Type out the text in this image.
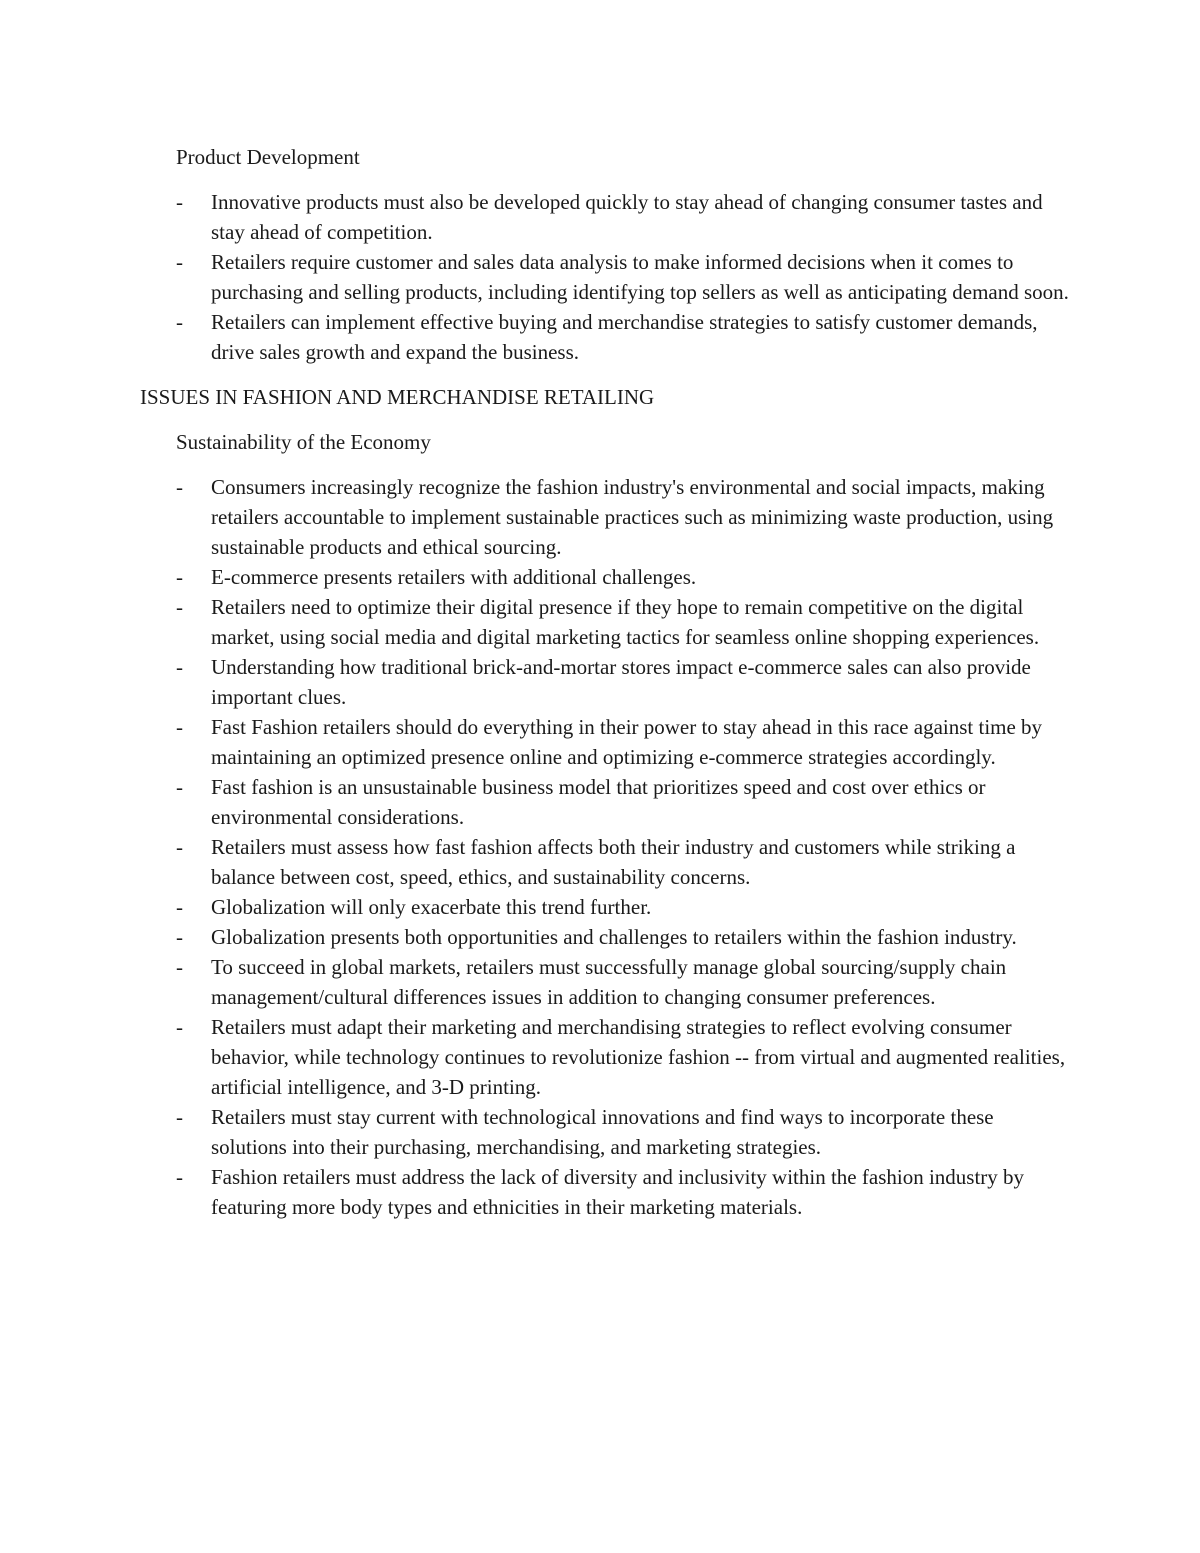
Product Development
- Innovative products must also be developed quickly to stay ahead of changing consumer tastes and stay ahead of competition.
- Retailers require customer and sales data analysis to make informed decisions when it comes to purchasing and selling products, including identifying top sellers as well as anticipating demand soon.
- Retailers can implement effective buying and merchandise strategies to satisfy customer demands, drive sales growth and expand the business.
ISSUES IN FASHION AND MERCHANDISE RETAILING
Sustainability of the Economy
- Consumers increasingly recognize the fashion industry's environmental and social impacts, making retailers accountable to implement sustainable practices such as minimizing waste production, using sustainable products and ethical sourcing.
- E-commerce presents retailers with additional challenges.
- Retailers need to optimize their digital presence if they hope to remain competitive on the digital market, using social media and digital marketing tactics for seamless online shopping experiences.
- Understanding how traditional brick-and-mortar stores impact e-commerce sales can also provide important clues.
- Fast Fashion retailers should do everything in their power to stay ahead in this race against time by maintaining an optimized presence online and optimizing e-commerce strategies accordingly.
- Fast fashion is an unsustainable business model that prioritizes speed and cost over ethics or environmental considerations.
- Retailers must assess how fast fashion affects both their industry and customers while striking a balance between cost, speed, ethics, and sustainability concerns.
- Globalization will only exacerbate this trend further.
- Globalization presents both opportunities and challenges to retailers within the fashion industry.
- To succeed in global markets, retailers must successfully manage global sourcing/supply chain management/cultural differences issues in addition to changing consumer preferences.
- Retailers must adapt their marketing and merchandising strategies to reflect evolving consumer behavior, while technology continues to revolutionize fashion -- from virtual and augmented realities, artificial intelligence, and 3-D printing.
- Retailers must stay current with technological innovations and find ways to incorporate these solutions into their purchasing, merchandising, and marketing strategies.
- Fashion retailers must address the lack of diversity and inclusivity within the fashion industry by featuring more body types and ethnicities in their marketing materials.
